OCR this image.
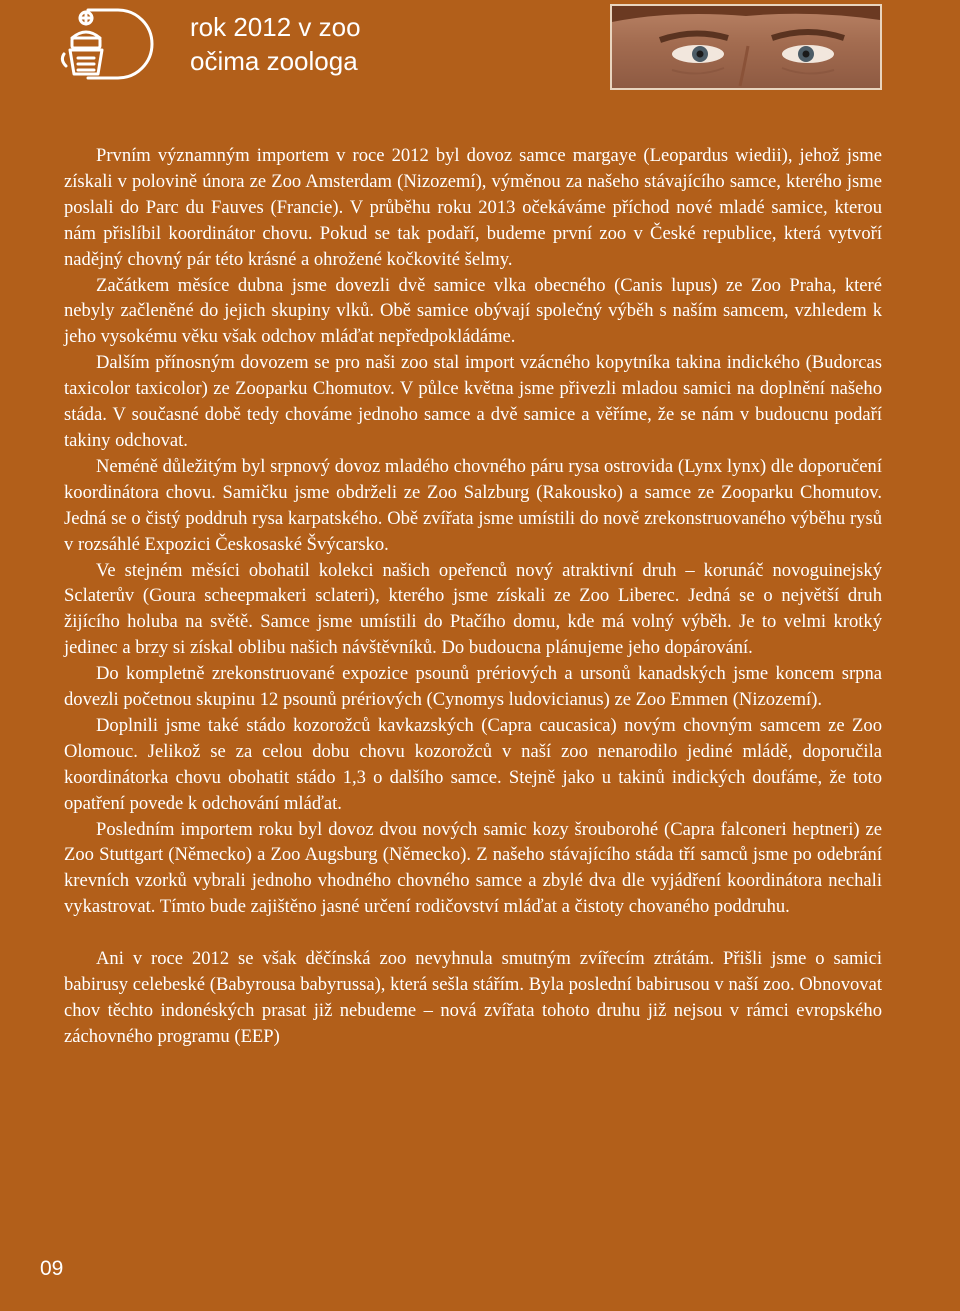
rok 2012 v zoo
očima zoologa

Prvním významným importem v roce 2012 byl dovoz samce margaye (Leopardus wiedii), jehož jsme získali v polovině února ze Zoo Amsterdam (Nizozemí), výměnou za našeho stávajícího samce, kterého jsme poslali do Parc du Fauves (Francie). V průběhu roku 2013 očekáváme příchod nové mladé samice, kterou nám přislíbil koordinátor chovu. Pokud se tak podaří, budeme první zoo v České republice, která vytvoří nadějný chovný pár této krásné a ohrožené kočkovité šelmy.

Začátkem měsíce dubna jsme dovezli dvě samice vlka obecného (Canis lupus) ze Zoo Praha, které nebyly začleněné do jejich skupiny vlků. Obě samice obývají společný výběh s naším samcem, vzhledem k jeho vysokému věku však odchov mláďat nepředpokládáme.

Dalším přínosným dovozem se pro naši zoo stal import vzácného kopytníka takina indického (Budorcas taxicolor taxicolor) ze Zooparku Chomutov. V půlce května jsme přivezli mladou samici na doplnění našeho stáda. V současné době tedy chováme jednoho samce a dvě samice a věříme, že se nám v budoucnu podaří takiny odchovat.

Neméně důležitým byl srpnový dovoz mladého chovného páru rysa ostrovida (Lynx lynx) dle doporučení koordinátora chovu. Samičku jsme obdrželi ze Zoo Salzburg (Rakousko) a samce ze Zooparku Chomutov. Jedná se o čistý poddruh rysa karpatského. Obě zvířata jsme umístili do nově zrekonstruovaného výběhu rysů v rozsáhlé Expozici Českosaské Švýcarsko.

Ve stejném měsíci obohatil kolekci našich opeřenců nový atraktivní druh – korunáč novoguinejský Sclaterův (Goura scheepmakeri sclateri), kterého jsme získali ze Zoo Liberec. Jedná se o největší druh žijícího holuba na světě. Samce jsme umístili do Ptačího domu, kde má volný výběh. Je to velmi krotký jedinec a brzy si získal oblibu našich návštěvníků. Do budoucna plánujeme jeho dopárování.

Do kompletně zrekonstruované expozice psounů prériových a ursonů kanadských jsme koncem srpna dovezli početnou skupinu 12 psounů prériových (Cynomys ludovicianus) ze Zoo Emmen (Nizozemí).

Doplnili jsme také stádo kozorožců kavkazských (Capra caucasica) novým chovným samcem ze Zoo Olomouc. Jelikož se za celou dobu chovu kozorožců v naší zoo nenarodilo jediné mládě, doporučila koordinátorka chovu obohatit stádo 1,3 o dalšího samce. Stejně jako u takinů indických doufáme, že toto opatření povede k odchování mláďat.

Posledním importem roku byl dovoz dvou nových samic kozy šrouborohé (Capra falconeri heptneri) ze Zoo Stuttgart (Německo) a Zoo Augsburg (Německo). Z našeho stávajícího stáda tří samců jsme po odebrání krevních vzorků vybrali jednoho vhodného chovného samce a zbylé dva dle vyjádření koordinátora nechali vykastrovat. Tímto bude zajištěno jasné určení rodičovství mláďat a čistoty chovaného poddruhu.

Ani v roce 2012 se však děčínská zoo nevyhnula smutným zvířecím ztrátám. Přišli jsme o samici babirusy celebeské (Babyrousa babyrussa), která sešla stářím. Byla poslední babirusou v naší zoo. Obnovovat chov těchto indonéských prasat již nebudeme – nová zvířata tohoto druhu již nejsou v rámci evropského záchovného programu (EEP)

09
